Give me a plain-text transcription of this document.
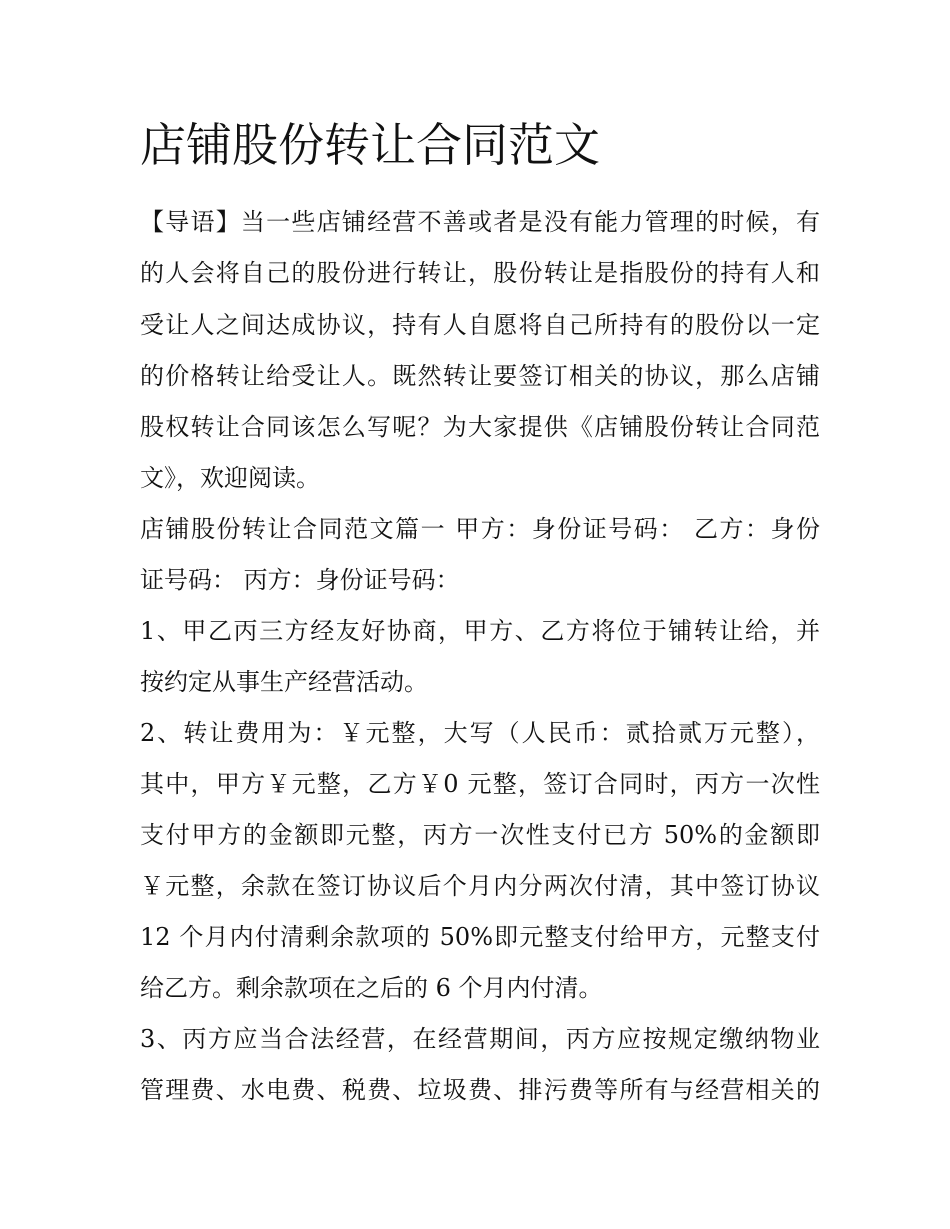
店铺股份转让合同范文

【导语】当一些店铺经营不善或者是没有能力管理的时候，有

的人会将自己的股份进行转让，股份转让是指股份的持有人和

受让人之间达成协议，持有人自愿将自己所持有的股份以一定

的价格转让给受让人。既然转让要签订相关的协议，那么店铺

股权转让合同该怎么写呢？为大家提供《店铺股份转让合同范

文》，欢迎阅读。

店铺股份转让合同范文篇一 甲方：身份证号码： 乙方：身份

证号码： 丙方：身份证号码：

1、甲乙丙三方经友好协商，甲方、乙方将位于铺转让给，并

按约定从事生产经营活动。

2、转让费用为：￥元整，大写（人民币：贰拾贰万元整），

其中，甲方￥元整，乙方￥0 元整，签订合同时，丙方一次性

支付甲方的金额即元整，丙方一次性支付已方 50%的金额即

￥元整，余款在签订协议后个月内分两次付清，其中签订协议

12 个月内付清剩余款项的 50%即元整支付给甲方，元整支付

给乙方。剩余款项在之后的 6 个月内付清。

3、丙方应当合法经营，在经营期间，丙方应按规定缴纳物业

管理费、水电费、税费、垃圾费、排污费等所有与经营相关的
